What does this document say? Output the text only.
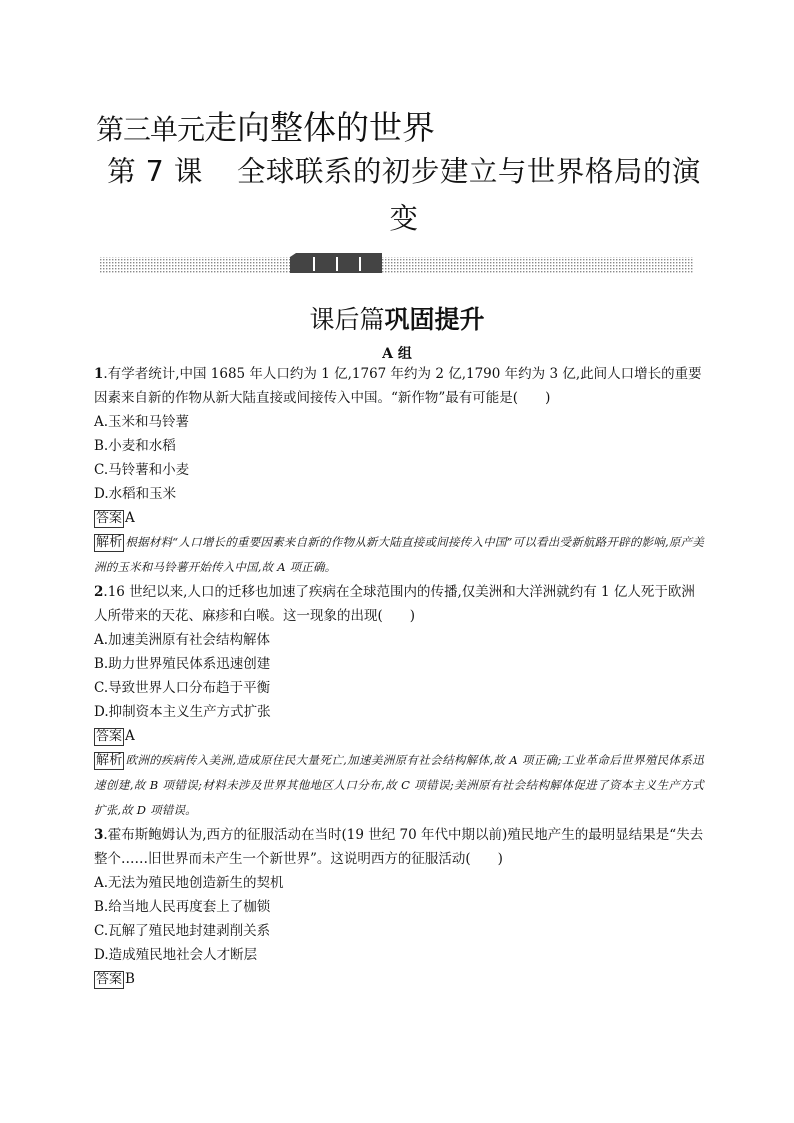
第三单元走向整体的世界
第 7 课 全球联系的初步建立与世界格局的演变
课后篇巩固提升
A 组

1.有学者统计,中国 1685 年人口约为 1 亿,1767 年约为 2 亿,1790 年约为 3 亿,此间人口增长的重要因素来自新的作物从新大陆直接或间接传入中国。“新作物”最有可能是(　　)

A.玉米和马铃薯

B.小麦和水稻

C.马铃薯和小麦

D.水稻和玉米

答案 A

解析 根据材料“人口增长的重要因素来自新的作物从新大陆直接或间接传入中国”可以看出受新航路开辟的影响,原产美洲的玉米和马铃薯开始传入中国,故 A 项正确。

2.16 世纪以来,人口的迁移也加速了疾病在全球范围内的传播,仅美洲和大洋洲就约有 1 亿人死于欧洲人所带来的天花、麻疹和白喉。这一现象的出现(　　)

A.加速美洲原有社会结构解体

B.助力世界殖民体系迅速创建

C.导致世界人口分布趋于平衡

D.抑制资本主义生产方式扩张

答案 A

解析 欧洲的疾病传入美洲,造成原住民大量死亡,加速美洲原有社会结构解体,故 A 项正确;工业革命后世界殖民体系迅速创建,故 B 项错误;材料未涉及世界其他地区人口分布,故 C 项错误;美洲原有社会结构解体促进了资本主义生产方式扩张,故 D 项错误。

3.霍布斯鲍姆认为,西方的征服活动在当时(19 世纪 70 年代中期以前)殖民地产生的最明显结果是“失去整个……旧世界而未产生一个新世界”。这说明西方的征服活动(　　)

A.无法为殖民地创造新生的契机

B.给当地人民再度套上了枷锁

C.瓦解了殖民地封建剥削关系

D.造成殖民地社会人才断层

答案 B
